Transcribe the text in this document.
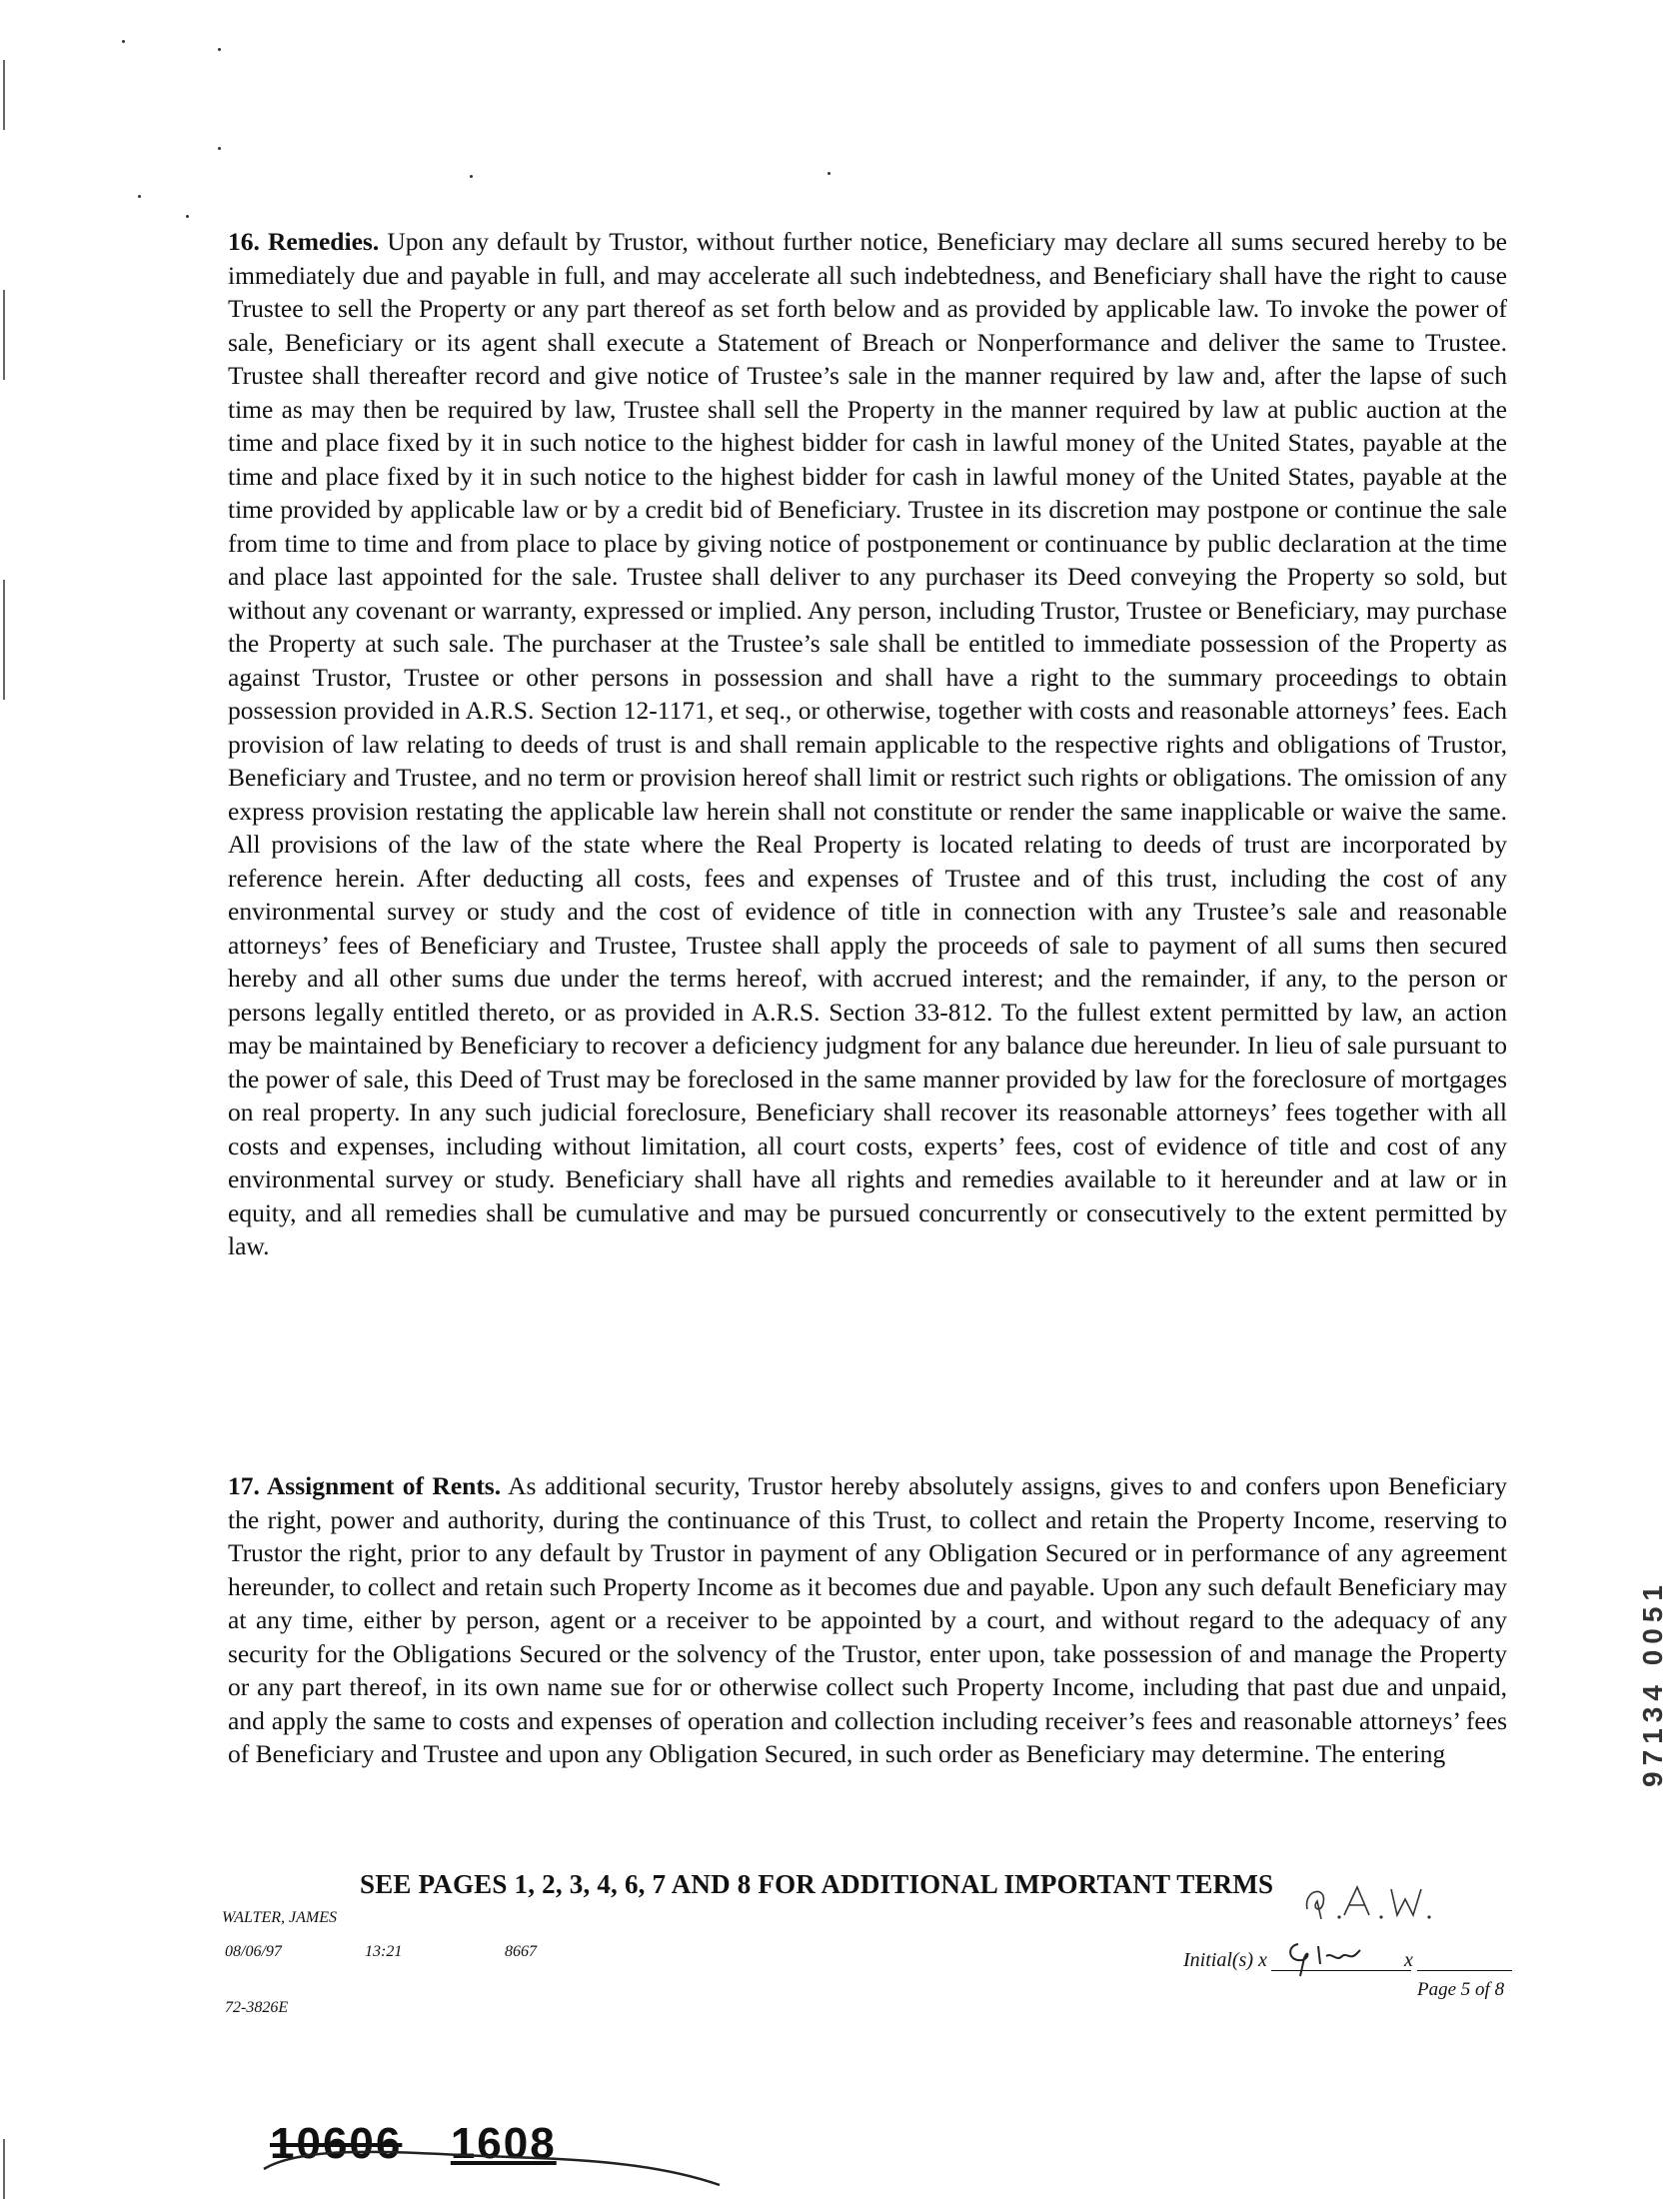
16. Remedies. Upon any default by Trustor, without further notice, Beneficiary may declare all sums secured hereby to be immediately due and payable in full, and may accelerate all such indebtedness, and Beneficiary shall have the right to cause Trustee to sell the Property or any part thereof as set forth below and as provided by applicable law. To invoke the power of sale, Beneficiary or its agent shall execute a Statement of Breach or Nonperformance and deliver the same to Trustee. Trustee shall thereafter record and give notice of Trustee’s sale in the manner required by law and, after the lapse of such time as may then be required by law, Trustee shall sell the Property in the manner required by law at public auction at the time and place fixed by it in such notice to the highest bidder for cash in lawful money of the United States, payable at the time and place fixed by it in such notice to the highest bidder for cash in lawful money of the United States, payable at the time provided by applicable law or by a credit bid of Beneficiary. Trustee in its discretion may postpone or continue the sale from time to time and from place to place by giving notice of postponement or continuance by public declaration at the time and place last appointed for the sale. Trustee shall deliver to any purchaser its Deed conveying the Property so sold, but without any covenant or warranty, expressed or implied. Any person, including Trustor, Trustee or Beneficiary, may purchase the Property at such sale. The purchaser at the Trustee’s sale shall be entitled to immediate possession of the Property as against Trustor, Trustee or other persons in possession and shall have a right to the summary proceedings to obtain possession provided in A.R.S. Section 12-1171, et seq., or otherwise, together with costs and reasonable attorneys’ fees. Each provision of law relating to deeds of trust is and shall remain applicable to the respective rights and obligations of Trustor, Beneficiary and Trustee, and no term or provision hereof shall limit or restrict such rights or obligations. The omission of any express provision restating the applicable law herein shall not constitute or render the same inapplicable or waive the same. All provisions of the law of the state where the Real Property is located relating to deeds of trust are incorporated by reference herein. After deducting all costs, fees and expenses of Trustee and of this trust, including the cost of any environmental survey or study and the cost of evidence of title in connection with any Trustee’s sale and reasonable attorneys’ fees of Beneficiary and Trustee, Trustee shall apply the proceeds of sale to payment of all sums then secured hereby and all other sums due under the terms hereof, with accrued interest; and the remainder, if any, to the person or persons legally entitled thereto, or as provided in A.R.S. Section 33-812. To the fullest extent permitted by law, an action may be maintained by Beneficiary to recover a deficiency judgment for any balance due hereunder. In lieu of sale pursuant to the power of sale, this Deed of Trust may be foreclosed in the same manner provided by law for the foreclosure of mortgages on real property. In any such judicial foreclosure, Beneficiary shall recover its reasonable attorneys’ fees together with all costs and expenses, including without limitation, all court costs, experts’ fees, cost of evidence of title and cost of any environmental survey or study. Beneficiary shall have all rights and remedies available to it hereunder and at law or in equity, and all remedies shall be cumulative and may be pursued concurrently or consecutively to the extent permitted by law.

17. Assignment of Rents. As additional security, Trustor hereby absolutely assigns, gives to and confers upon Beneficiary the right, power and authority, during the continuance of this Trust, to collect and retain the Property Income, reserving to Trustor the right, prior to any default by Trustor in payment of any Obligation Secured or in performance of any agreement hereunder, to collect and retain such Property Income as it becomes due and payable. Upon any such default Beneficiary may at any time, either by person, agent or a receiver to be appointed by a court, and without regard to the adequacy of any security for the Obligations Secured or the solvency of the Trustor, enter upon, take possession of and manage the Property or any part thereof, in its own name sue for or otherwise collect such Property Income, including that past due and unpaid, and apply the same to costs and expenses of operation and collection including receiver’s fees and reasonable attorneys’ fees of Beneficiary and Trustee and upon any Obligation Secured, in such order as Beneficiary may determine. The entering

SEE PAGES 1, 2, 3, 4, 6, 7 AND 8 FOR ADDITIONAL IMPORTANT TERMS
WALTER, JAMES
08/06/97	13:21	8667
72-3826E
Initial(s) x	x
Page 5 of 8
10606 1608
97134 0051
